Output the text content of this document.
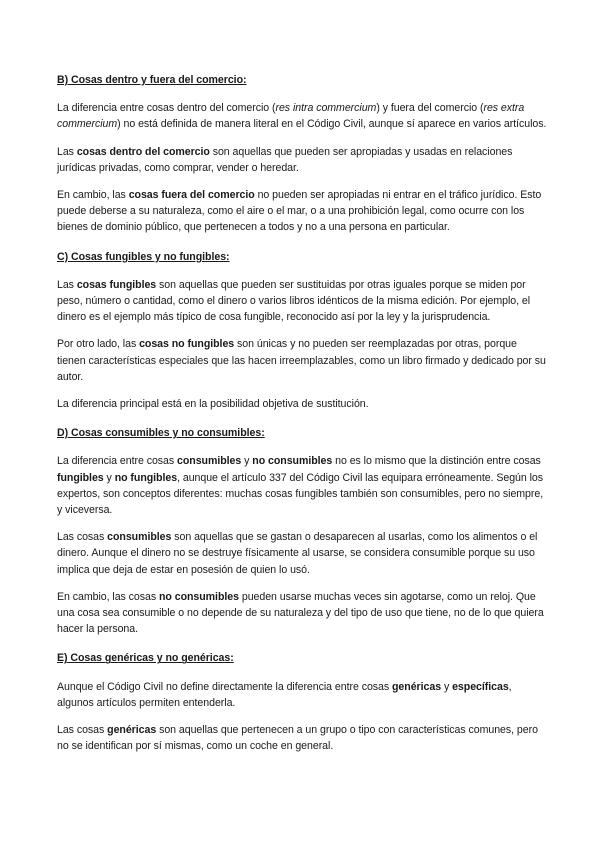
B) Cosas dentro y fuera del comercio:

La diferencia entre cosas dentro del comercio (res intra commercium) y fuera del comercio (res extra commercium) no está definida de manera literal en el Código Civil, aunque sí aparece en varios artículos.

Las cosas dentro del comercio son aquellas que pueden ser apropiadas y usadas en relaciones jurídicas privadas, como comprar, vender o heredar.

En cambio, las cosas fuera del comercio no pueden ser apropiadas ni entrar en el tráfico jurídico. Esto puede deberse a su naturaleza, como el aire o el mar, o a una prohibición legal, como ocurre con los bienes de dominio público, que pertenecen a todos y no a una persona en particular.

C) Cosas fungibles y no fungibles:

Las cosas fungibles son aquellas que pueden ser sustituidas por otras iguales porque se miden por peso, número o cantidad, como el dinero o varios libros idénticos de la misma edición. Por ejemplo, el dinero es el ejemplo más típico de cosa fungible, reconocido así por la ley y la jurisprudencia.

Por otro lado, las cosas no fungibles son únicas y no pueden ser reemplazadas por otras, porque tienen características especiales que las hacen irreemplazables, como un libro firmado y dedicado por su autor.

La diferencia principal está en la posibilidad objetiva de sustitución.

D) Cosas consumibles y no consumibles:

La diferencia entre cosas consumibles y no consumibles no es lo mismo que la distinción entre cosas fungibles y no fungibles, aunque el artículo 337 del Código Civil las equipara erróneamente. Según los expertos, son conceptos diferentes: muchas cosas fungibles también son consumibles, pero no siempre, y viceversa.

Las cosas consumibles son aquellas que se gastan o desaparecen al usarlas, como los alimentos o el dinero. Aunque el dinero no se destruye físicamente al usarse, se considera consumible porque su uso implica que deja de estar en posesión de quien lo usó.

En cambio, las cosas no consumibles pueden usarse muchas veces sin agotarse, como un reloj. Que una cosa sea consumible o no depende de su naturaleza y del tipo de uso que tiene, no de lo que quiera hacer la persona.

E) Cosas genéricas y no genéricas:

Aunque el Código Civil no define directamente la diferencia entre cosas genéricas y específicas, algunos artículos permiten entenderla.

Las cosas genéricas son aquellas que pertenecen a un grupo o tipo con características comunes, pero no se identifican por sí mismas, como un coche en general.
